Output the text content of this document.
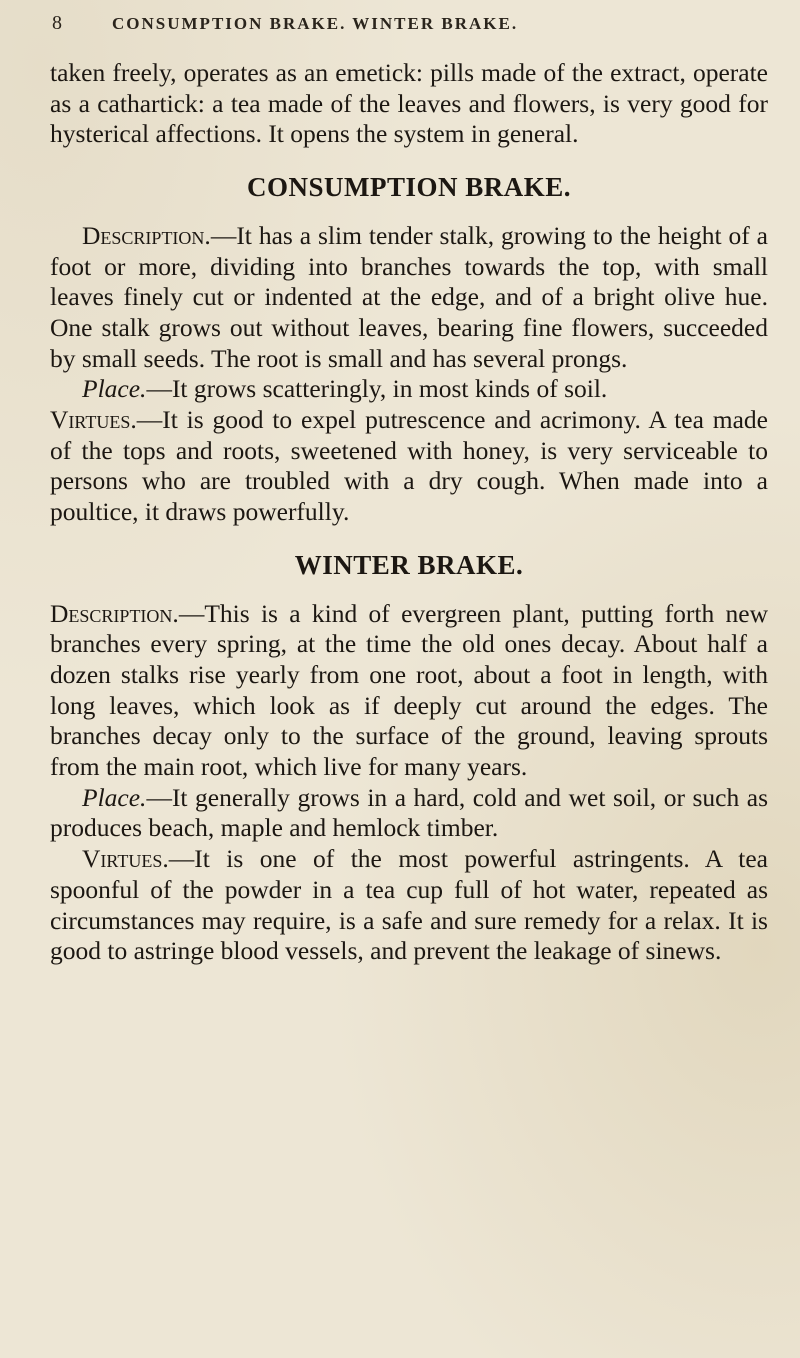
8	CONSUMPTION BRAKE. WINTER BRAKE.

taken freely, operates as an emetick: pills made of the extract, operate as a cathartick: a tea made of the leaves and flowers, is very good for hysterical affections. It opens the system in general.

CONSUMPTION BRAKE.

Description.—It has a slim tender stalk, growing to the height of a foot or more, dividing into branches towards the top, with small leaves finely cut or indented at the edge, and of a bright olive hue. One stalk grows out without leaves, bearing fine flowers, succeeded by small seeds. The root is small and has several prongs.

Place.—It grows scatteringly, in most kinds of soil.

Virtues.—It is good to expel putrescence and acrimony. A tea made of the tops and roots, sweetened with honey, is very serviceable to persons who are troubled with a dry cough. When made into a poultice, it draws powerfully.

WINTER BRAKE.

Description.—This is a kind of evergreen plant, putting forth new branches every spring, at the time the old ones decay. About half a dozen stalks rise yearly from one root, about a foot in length, with long leaves, which look as if deeply cut around the edges. The branches decay only to the surface of the ground, leaving sprouts from the main root, which live for many years.

Place.—It generally grows in a hard, cold and wet soil, or such as produces beach, maple and hemlock timber.

Virtues.—It is one of the most powerful astringents. A tea spoonful of the powder in a tea cup full of hot water, repeated as circumstances may require, is a safe and sure remedy for a relax. It is good to astringe blood vessels, and prevent the leakage of sinews.
